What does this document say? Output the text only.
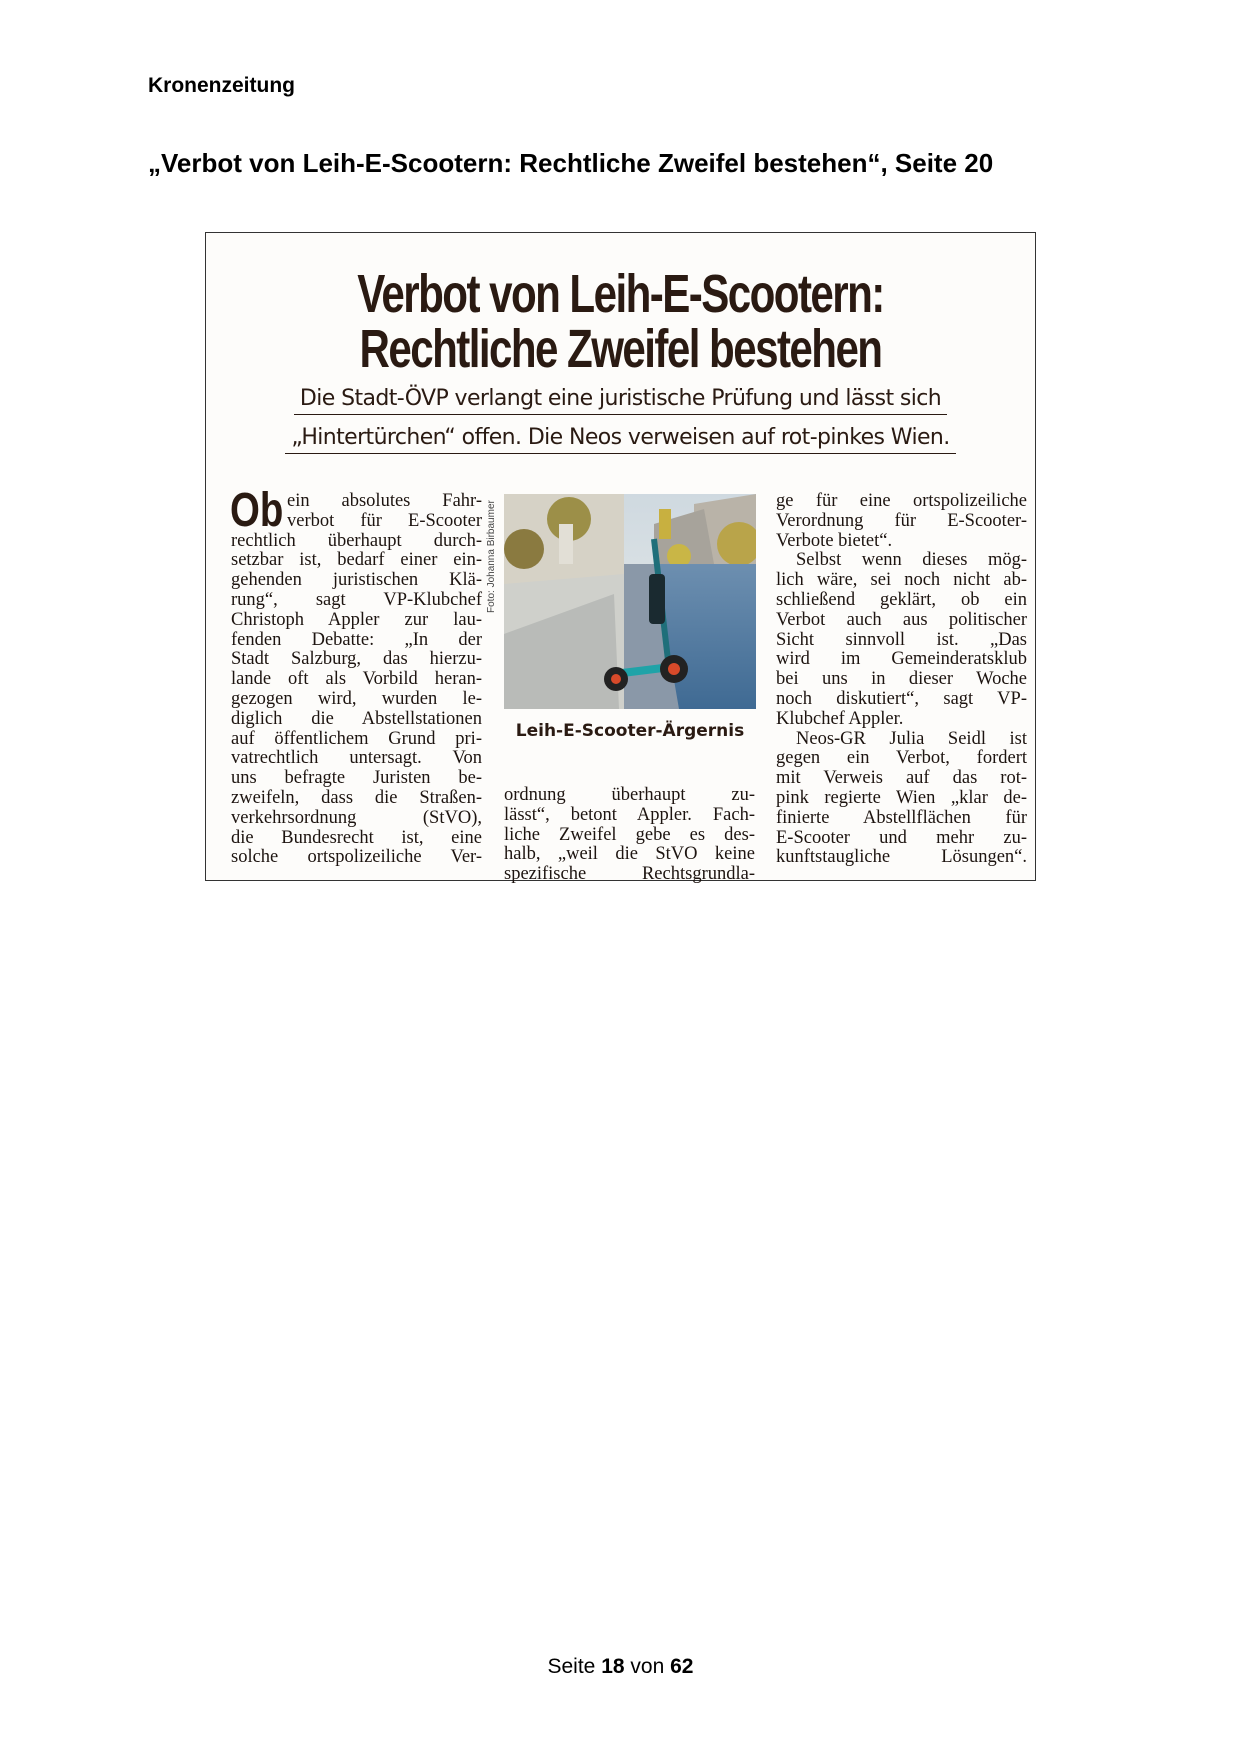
Kronenzeitung
„Verbot von Leih-E-Scootern: Rechtliche Zweifel bestehen“, Seite 20
Verbot von Leih-E-Scootern:
Rechtliche Zweifel bestehen
Die Stadt-ÖVP verlangt eine juristische Prüfung und lässt sich
„Hintertürchen“ offen. Die Neos verweisen auf rot-pinkes Wien.
Ob ein absolutes Fahr-
verbot für E-Scooter
rechtlich überhaupt durch-
setzbar ist, bedarf einer ein-
gehenden juristischen Klä-
rung“, sagt VP-Klubchef
Christoph Appler zur lau-
fenden Debatte: „In der
Stadt Salzburg, das hierzu-
lande oft als Vorbild heran-
gezogen wird, wurden le-
diglich die Abstellstationen
auf öffentlichem Grund pri-
vatrechtlich untersagt. Von
uns befragte Juristen be-
zweifeln, dass die Straßen-
verkehrsordnung (StVO),
die Bundesrecht ist, eine
solche ortspolizeiliche Ver-
ordnung überhaupt zu-
lässt“, betont Appler. Fach-
liche Zweifel gebe es des-
halb, „weil die StVO keine
spezifische Rechtsgrundla-
ge für eine ortspolizeiliche
Verordnung für E-Scooter-
Verbote bietet“.
Selbst wenn dieses mög-
lich wäre, sei noch nicht ab-
schließend geklärt, ob ein
Verbot auch aus politischer
Sicht sinnvoll ist. „Das
wird im Gemeinderatsklub
bei uns in dieser Woche
noch diskutiert“, sagt VP-
Klubchef Appler.
Neos-GR Julia Seidl ist
gegen ein Verbot, fordert
mit Verweis auf das rot-
pink regierte Wien „klar de-
finierte Abstellflächen für
E-Scooter und mehr zu-
kunftstaugliche Lösungen“.
Foto: Johanna Birbaumer
Leih-E-Scooter-Ärgernis
Seite 18 von 62
